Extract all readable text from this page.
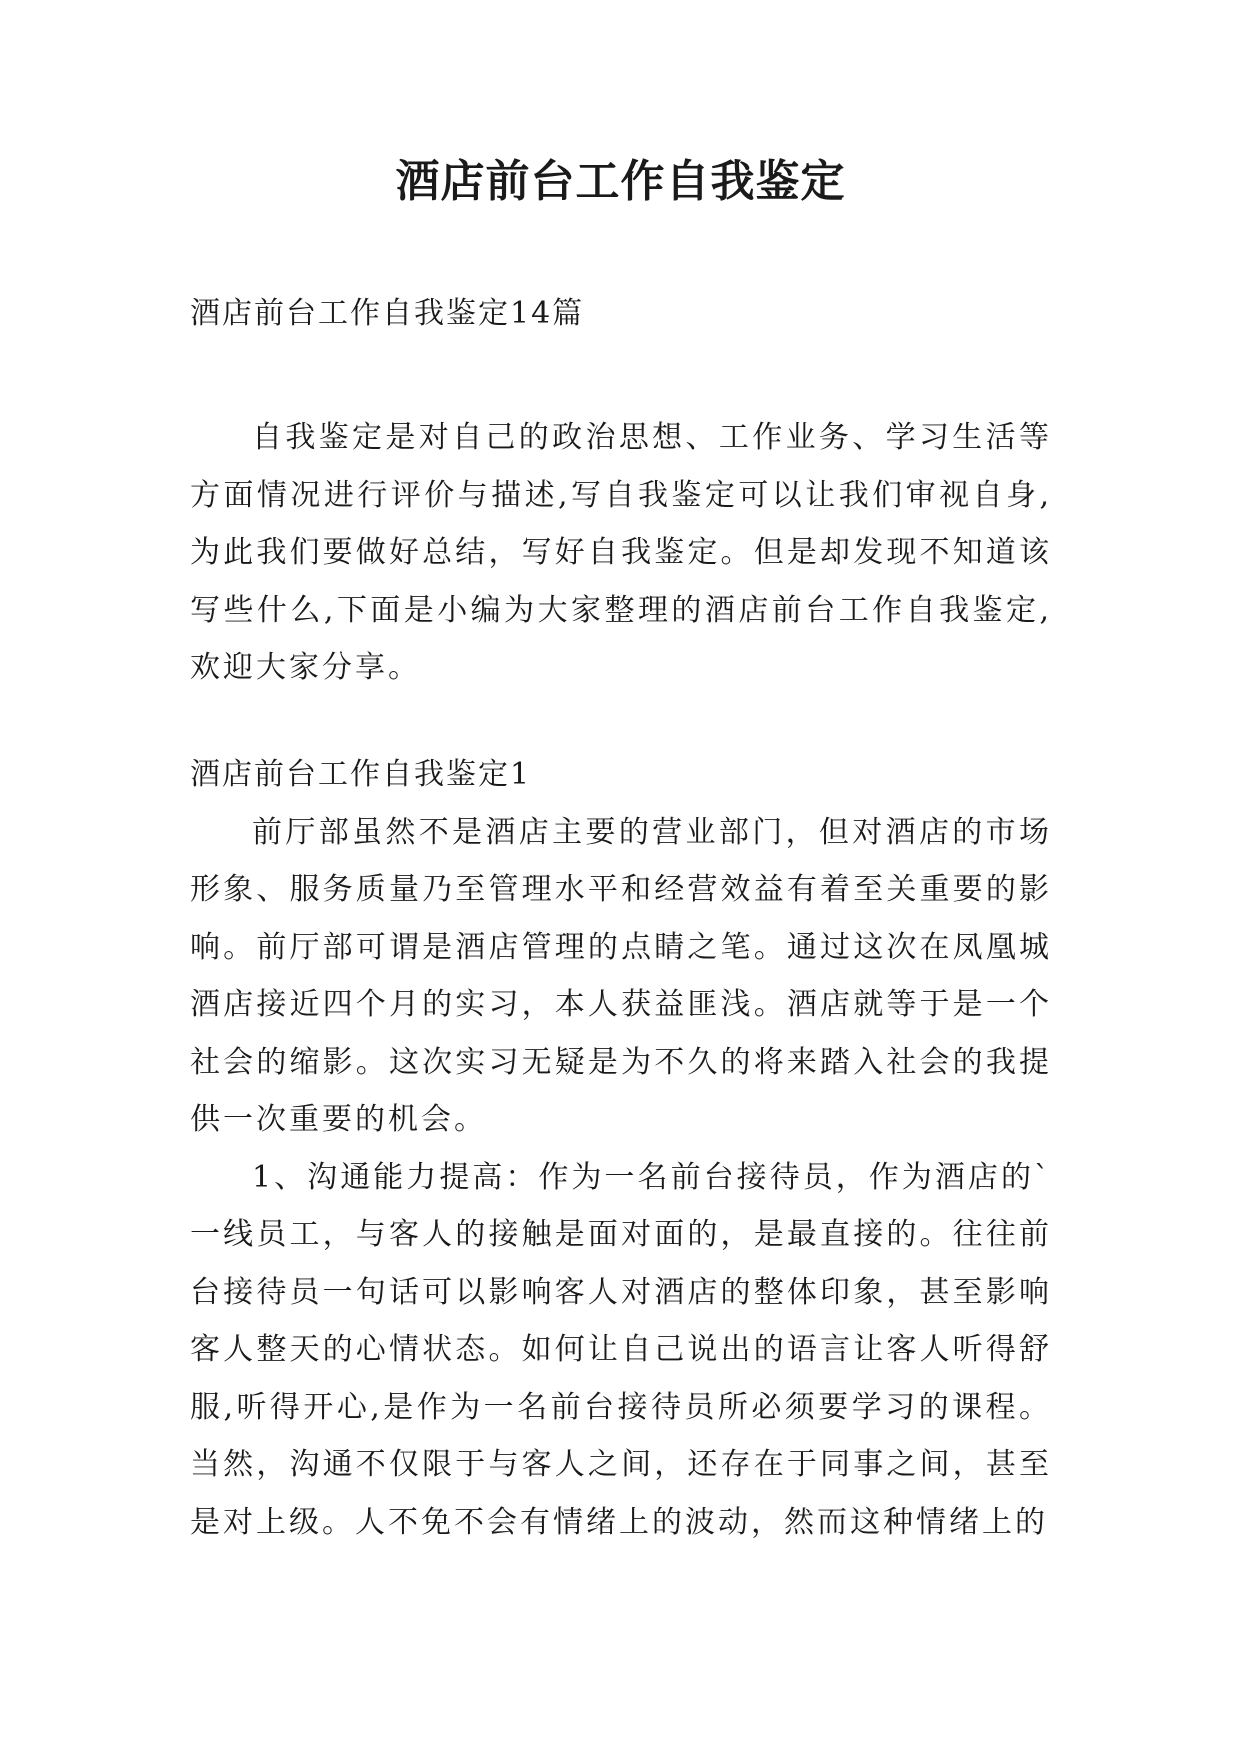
酒店前台工作自我鉴定

酒店前台工作自我鉴定14篇

自我鉴定是对自己的政治思想、工作业务、学习生活等方面情况进行评价与描述,写自我鉴定可以让我们审视自身,为此我们要做好总结，写好自我鉴定。但是却发现不知道该写些什么,下面是小编为大家整理的酒店前台工作自我鉴定,欢迎大家分享。

酒店前台工作自我鉴定1

前厅部虽然不是酒店主要的营业部门，但对酒店的市场形象、服务质量乃至管理水平和经营效益有着至关重要的影响。前厅部可谓是酒店管理的点睛之笔。通过这次在凤凰城酒店接近四个月的实习，本人获益匪浅。酒店就等于是一个社会的缩影。这次实习无疑是为不久的将来踏入社会的我提供一次重要的机会。

1、沟通能力提高：作为一名前台接待员，作为酒店的`一线员工，与客人的接触是面对面的，是最直接的。往往前台接待员一句话可以影响客人对酒店的整体印象，甚至影响客人整天的心情状态。如何让自己说出的语言让客人听得舒服,听得开心,是作为一名前台接待员所必须要学习的课程。当然，沟通不仅限于与客人之间，还存在于同事之间，甚至是对上级。人不免不会有情绪上的波动，然而这种情绪上的
